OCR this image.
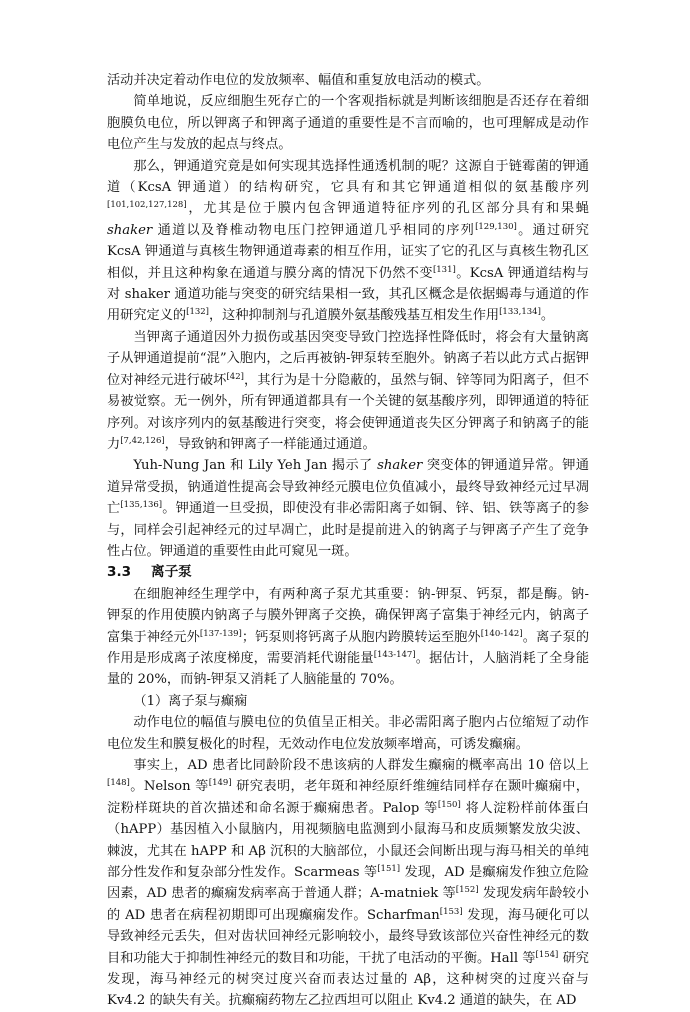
活动并决定着动作电位的发放频率、幅值和重复放电活动的模式。

简单地说，反应细胞生死存亡的一个客观指标就是判断该细胞是否还存在着细胞膜负电位，所以钾离子和钾离子通道的重要性是不言而喻的，也可理解成是动作电位产生与发放的起点与终点。

那么，钾通道究竟是如何实现其选择性通透机制的呢？这源自于链霉菌的钾通道（KcsA 钾通道）的结构研究，它具有和其它钾通道相似的氨基酸序列[101,102,127,128]，尤其是位于膜内包含钾通道特征序列的孔区部分具有和果蝇 shaker 通道以及脊椎动物电压门控钾通道几乎相同的序列[129,130]。通过研究 KcsA 钾通道与真核生物钾通道毒素的相互作用，证实了它的孔区与真核生物孔区相似，并且这种构象在通道与膜分离的情况下仍然不变[131]。KcsA 钾通道结构与对 shaker 通道功能与突变的研究结果相一致，其孔区概念是依据蝎毒与通道的作用研究定义的[132]，这种抑制剂与孔道膜外氨基酸残基互相发生作用[133,134]。

当钾离子通道因外力损伤或基因突变导致门控选择性降低时，将会有大量钠离子从钾通道提前“混”入胞内，之后再被钠-钾泵转至胞外。钠离子若以此方式占据钾位对神经元进行破坏[42]，其行为是十分隐蔽的，虽然与铜、锌等同为阳离子，但不易被觉察。无一例外，所有钾通道都具有一个关键的氨基酸序列，即钾通道的特征序列。对该序列内的氨基酸进行突变，将会使钾通道丧失区分钾离子和钠离子的能力[7,42,126]，导致钠和钾离子一样能通过通道。

Yuh-Nung Jan 和 Lily Yeh Jan 揭示了 shaker 突变体的钾通道异常。钾通道异常受损，钠通道性提高会导致神经元膜电位负值减小，最终导致神经元过早凋亡[135,136]。钾通道一旦受损，即使没有非必需阳离子如铜、锌、铝、铁等离子的参与，同样会引起神经元的过早凋亡，此时是提前进入的钠离子与钾离子产生了竞争性占位。钾通道的重要性由此可窥见一斑。

3.3 离子泵

在细胞神经生理学中，有两种离子泵尤其重要：钠-钾泵、钙泵，都是酶。钠-钾泵的作用使膜内钠离子与膜外钾离子交换，确保钾离子富集于神经元内，钠离子富集于神经元外[137-139]；钙泵则将钙离子从胞内跨膜转运至胞外[140-142]。离子泵的作用是形成离子浓度梯度，需要消耗代谢能量[143-147]。据估计，人脑消耗了全身能量的 20%，而钠-钾泵又消耗了人脑能量的 70%。

（1）离子泵与癫痫

动作电位的幅值与膜电位的负值呈正相关。非必需阳离子胞内占位缩短了动作电位发生和膜复极化的时程，无效动作电位发放频率增高，可诱发癫痫。

事实上，AD 患者比同龄阶段不患该病的人群发生癫痫的概率高出 10 倍以上[148]。Nelson 等[149] 研究表明，老年斑和神经原纤维缠结同样存在颞叶癫痫中，淀粉样斑块的首次描述和命名源于癫痫患者。Palop 等[150] 将人淀粉样前体蛋白（hAPP）基因植入小鼠脑内，用视频脑电监测到小鼠海马和皮质频繁发放尖波、棘波，尤其在 hAPP 和 Aβ 沉积的大脑部位，小鼠还会间断出现与海马相关的单纯部分性发作和复杂部分性发作。Scarmeas 等[151] 发现，AD 是癫痫发作独立危险因素，AD 患者的癫痫发病率高于普通人群；A-matniek 等[152] 发现发病年龄较小的 AD 患者在病程初期即可出现癫痫发作。Scharfman[153] 发现，海马硬化可以导致神经元丢失，但对齿状回神经元影响较小，最终导致该部位兴奋性神经元的数目和功能大于抑制性神经元的数目和功能，干扰了电活动的平衡。Hall 等[154] 研究发现，海马神经元的树突过度兴奋而表达过量的 Aβ，这种树突的过度兴奋与 Kv4.2 的缺失有关。抗癫痫药物左乙拉西坦可以阻止 Kv4.2 通道的缺失，在 AD
